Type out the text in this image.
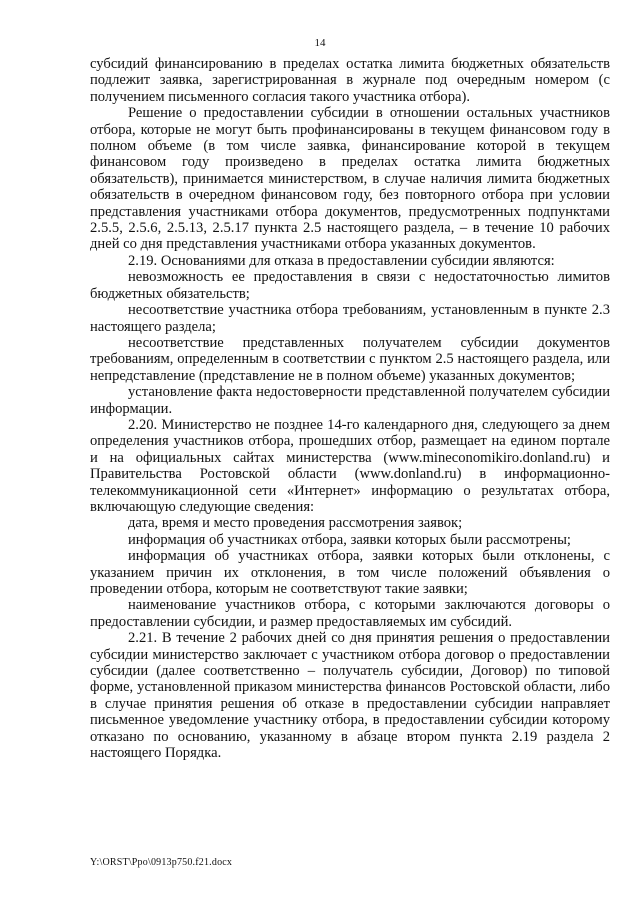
14

субсидий финансированию в пределах остатка лимита бюджетных обязательств подлежит заявка, зарегистрированная в журнале под очередным номером (с получением письменного согласия такого участника отбора).

Решение о предоставлении субсидии в отношении остальных участников отбора, которые не могут быть профинансированы в текущем финансовом году в полном объеме (в том числе заявка, финансирование которой в текущем финансовом году произведено в пределах остатка лимита бюджетных обязательств), принимается министерством, в случае наличия лимита бюджетных обязательств в очередном финансовом году, без повторного отбора при условии представления участниками отбора документов, предусмотренных подпунктами 2.5.5, 2.5.6, 2.5.13, 2.5.17 пункта 2.5 настоящего раздела, – в течение 10 рабочих дней со дня представления участниками отбора указанных документов.

2.19. Основаниями для отказа в предоставлении субсидии являются:

невозможность ее предоставления в связи с недостаточностью лимитов бюджетных обязательств;

несоответствие участника отбора требованиям, установленным в пункте 2.3 настоящего раздела;

несоответствие представленных получателем субсидии документов требованиям, определенным в соответствии с пунктом 2.5 настоящего раздела, или непредставление (представление не в полном объеме) указанных документов;

установление факта недостоверности представленной получателем субсидии информации.

2.20. Министерство не позднее 14-го календарного дня, следующего за днем определения участников отбора, прошедших отбор, размещает на едином портале и на официальных сайтах министерства (www.mineconomikiro.donland.ru) и Правительства Ростовской области (www.donland.ru) в информационно-телекоммуникационной сети «Интернет» информацию о результатах отбора, включающую следующие сведения:

дата, время и место проведения рассмотрения заявок;

информация об участниках отбора, заявки которых были рассмотрены;

информация об участниках отбора, заявки которых были отклонены, с указанием причин их отклонения, в том числе положений объявления о проведении отбора, которым не соответствуют такие заявки;

наименование участников отбора, с которыми заключаются договоры о предоставлении субсидии, и размер предоставляемых им субсидий.

2.21. В течение 2 рабочих дней со дня принятия решения о предоставлении субсидии министерство заключает с участником отбора договор о предоставлении субсидии (далее соответственно – получатель субсидии, Договор) по типовой форме, установленной приказом министерства финансов Ростовской области, либо в случае принятия решения об отказе в предоставлении субсидии направляет письменное уведомление участнику отбора, в предоставлении субсидии которому отказано по основанию, указанному в абзаце втором пункта 2.19 раздела 2 настоящего Порядка.

Y:\ORST\Ppo\0913p750.f21.docx
